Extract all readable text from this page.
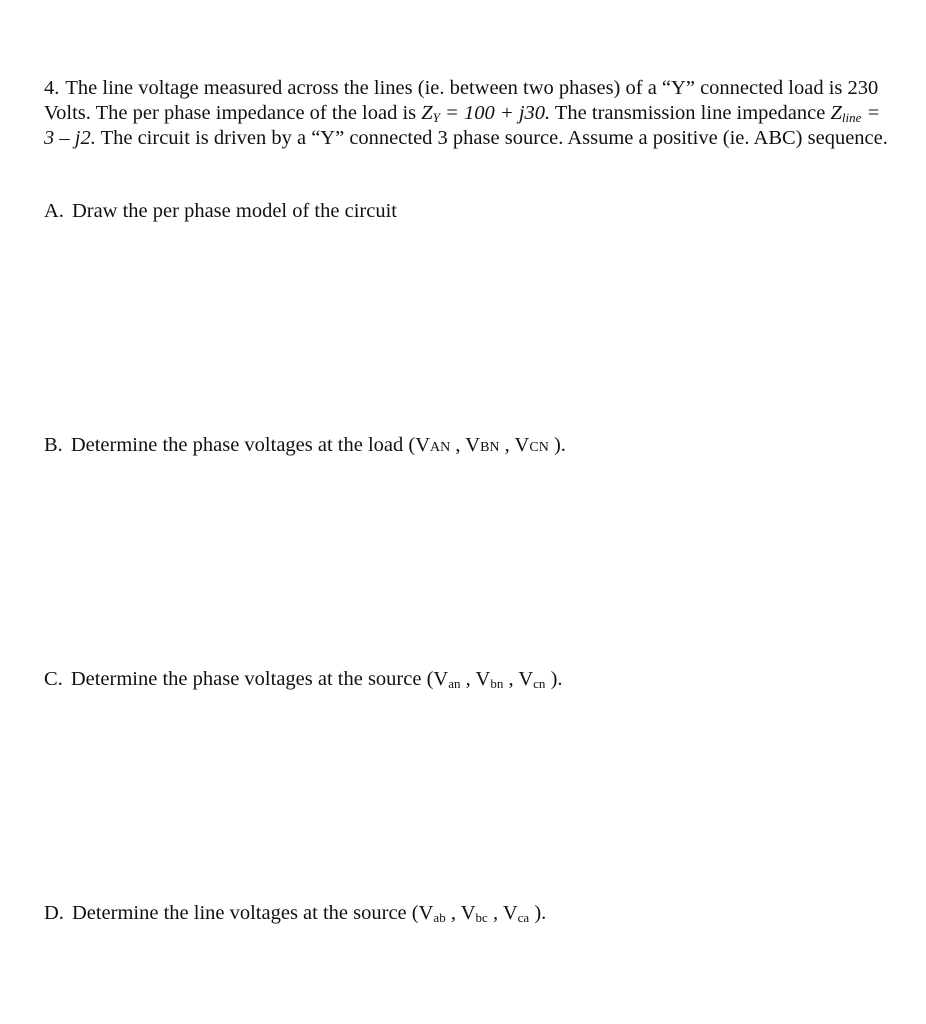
4. The line voltage measured across the lines (ie. between two phases) of a “Y” connected load is 230 Volts. The per phase impedance of the load is $Z_Y = 100 + j30$. The transmission line impedance $Z_{line} = 3 - j2$. The circuit is driven by a “Y” connected 3 phase source. Assume a positive (ie. ABC) sequence.

A. Draw the per phase model of the circuit
B. Determine the phase voltages at the load (VAN , VBN , VCN ).
C. Determine the phase voltages at the source ($V_{an}$ , $V_{bn}$ , $V_{cn}$ ).
D. Determine the line voltages at the source ($V_{ab}$ , $V_{bc}$ , $V_{ca}$ ).
